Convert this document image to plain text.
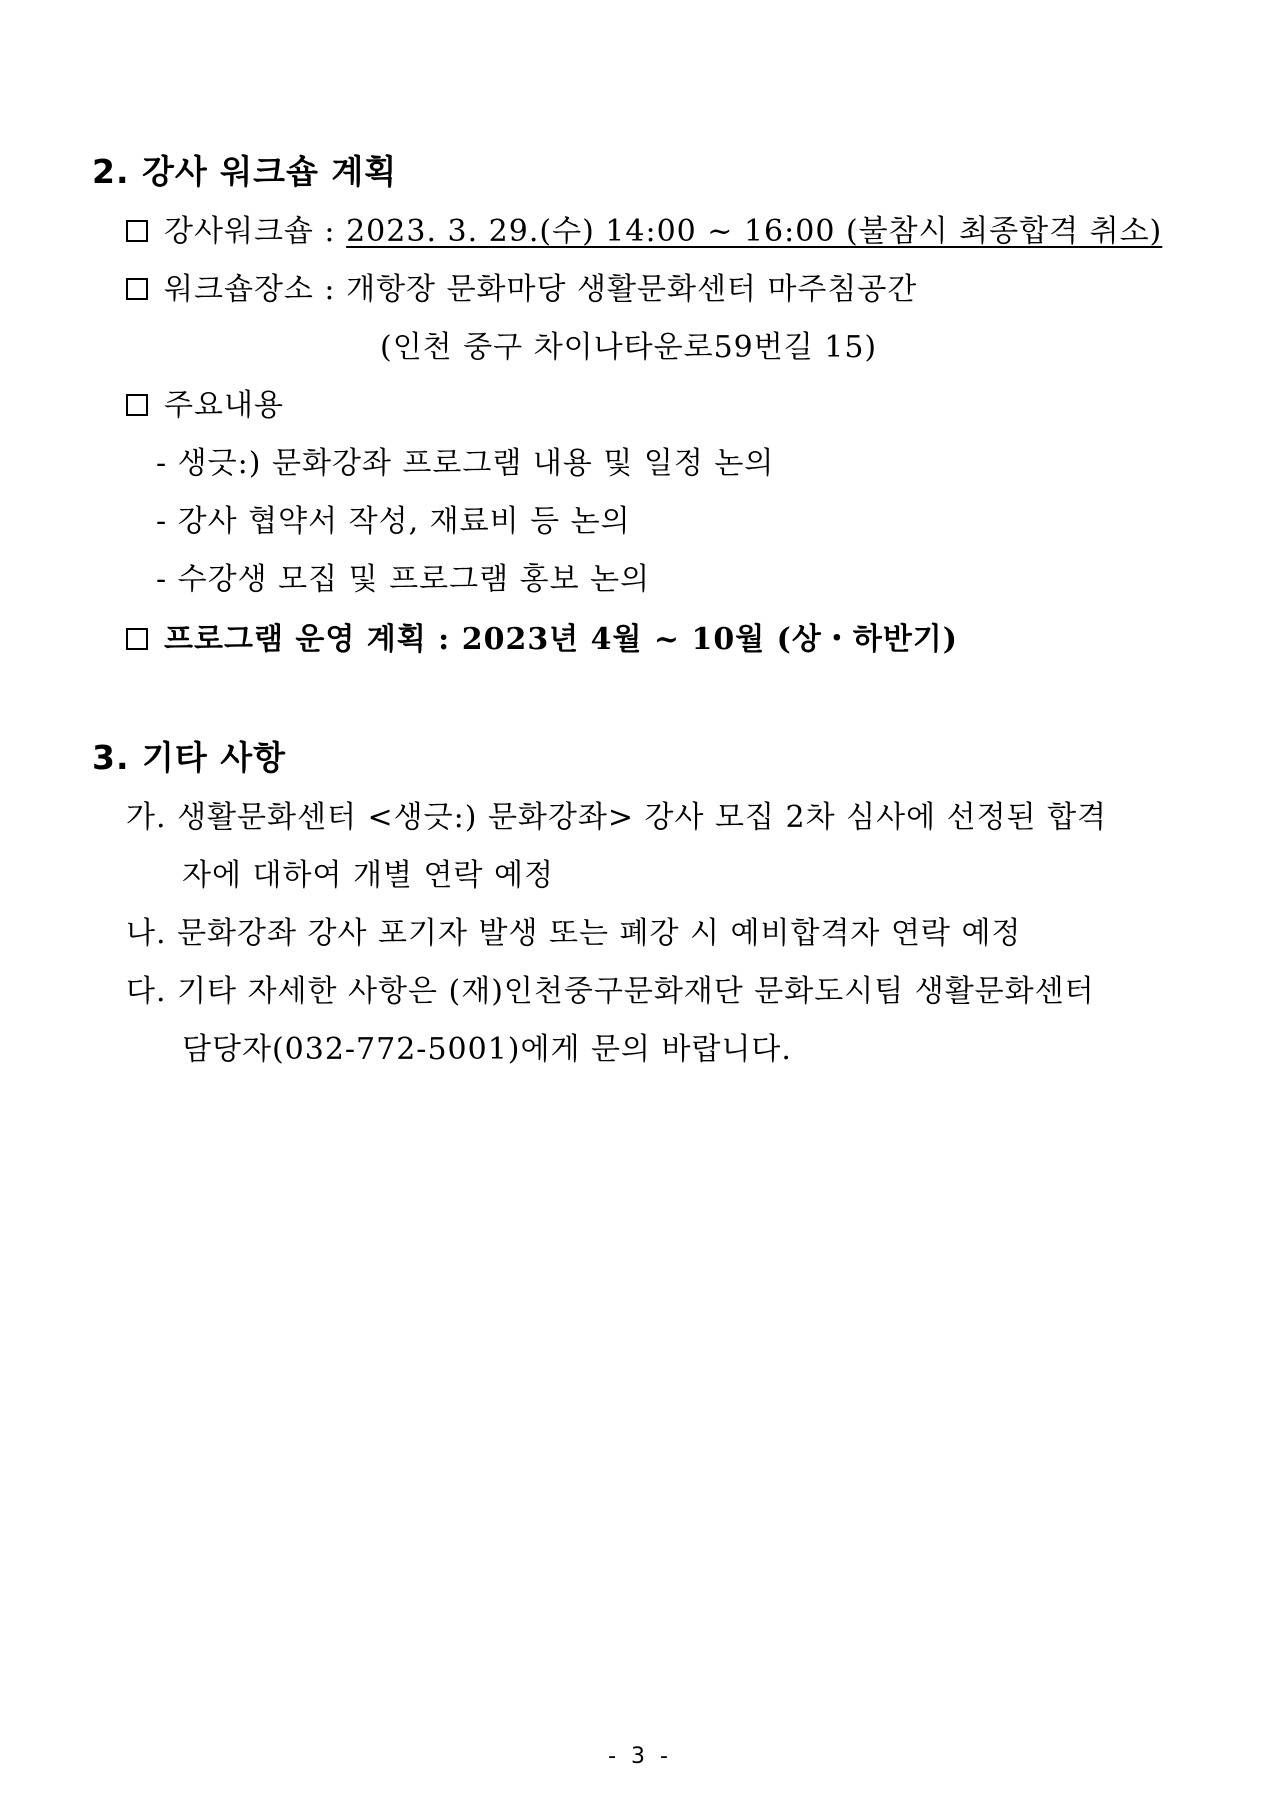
2. 강사 워크숍 계획
강사워크숍 : 2023. 3. 29.(수) 14:00 ~ 16:00 (불참시 최종합격 취소)
워크숍장소 : 개항장 문화마당 생활문화센터 마주침공간
(인천 중구 차이나타운로59번길 15)
주요내용
- 생긋:) 문화강좌 프로그램 내용 및 일정 논의
- 강사 협약서 작성, 재료비 등 논의
- 수강생 모집 및 프로그램 홍보 논의
프로그램 운영 계획 : 2023년 4월 ~ 10월 (상・하반기)
3. 기타 사항
가. 생활문화센터 <생긋:) 문화강좌> 강사 모집 2차 심사에 선정된 합격
자에 대하여 개별 연락 예정
나. 문화강좌 강사 포기자 발생 또는 폐강 시 예비합격자 연락 예정
다. 기타 자세한 사항은 (재)인천중구문화재단 문화도시팀 생활문화센터
담당자(032-772-5001)에게 문의 바랍니다.
- 3 -
